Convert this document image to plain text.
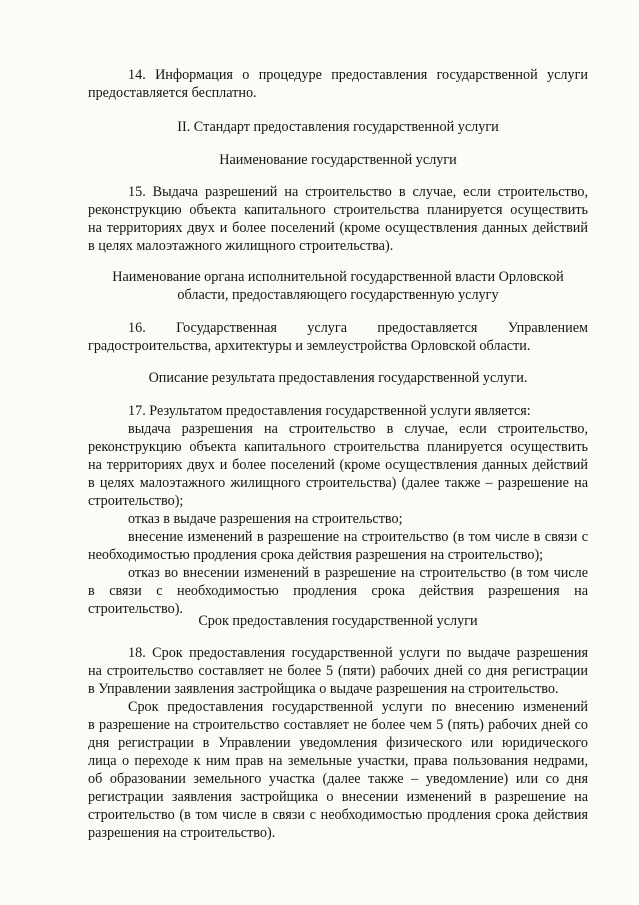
14. Информация о процедуре предоставления государственной услуги
предоставляется бесплатно.
II. Стандарт предоставления государственной услуги
Наименование государственной услуги
15. Выдача разрешений на строительство в случае, если строительство,
реконструкцию объекта капитального строительства планируется осуществить
на территориях двух и более поселений (кроме осуществления данных действий
в целях малоэтажного жилищного строительства).
Наименование органа исполнительной государственной власти Орловской
области, предоставляющего государственную услугу
16. Государственная услуга предоставляется Управлением
градостроительства, архитектуры и землеустройства Орловской области.
Описание результата предоставления государственной услуги.
17. Результатом предоставления государственной услуги является:
выдача разрешения на строительство в случае, если строительство,
реконструкцию объекта капитального строительства планируется осуществить
на территориях двух и более поселений (кроме осуществления данных действий
в целях малоэтажного жилищного строительства) (далее также – разрешение на
строительство);
отказ в выдаче разрешения на строительство;
внесение изменений в разрешение на строительство (в том числе в связи с
необходимостью продления срока действия разрешения на строительство);
отказ во внесении изменений в разрешение на строительство (в том числе
в связи с необходимостью продления срока действия разрешения на
строительство).
Срок предоставления государственной услуги
18. Срок предоставления государственной услуги по выдаче разрешения
на строительство составляет не более 5 (пяти) рабочих дней со дня регистрации
в Управлении заявления застройщика о выдаче разрешения на строительство.
Срок предоставления государственной услуги по внесению изменений
в разрешение на строительство составляет не более чем 5 (пять) рабочих дней со
дня регистрации в Управлении уведомления физического или юридического
лица о переходе к ним прав на земельные участки, права пользования недрами,
об образовании земельного участка (далее также – уведомление) или со дня
регистрации заявления застройщика о внесении изменений в разрешение на
строительство (в том числе в связи с необходимостью продления срока действия
разрешения на строительство).
